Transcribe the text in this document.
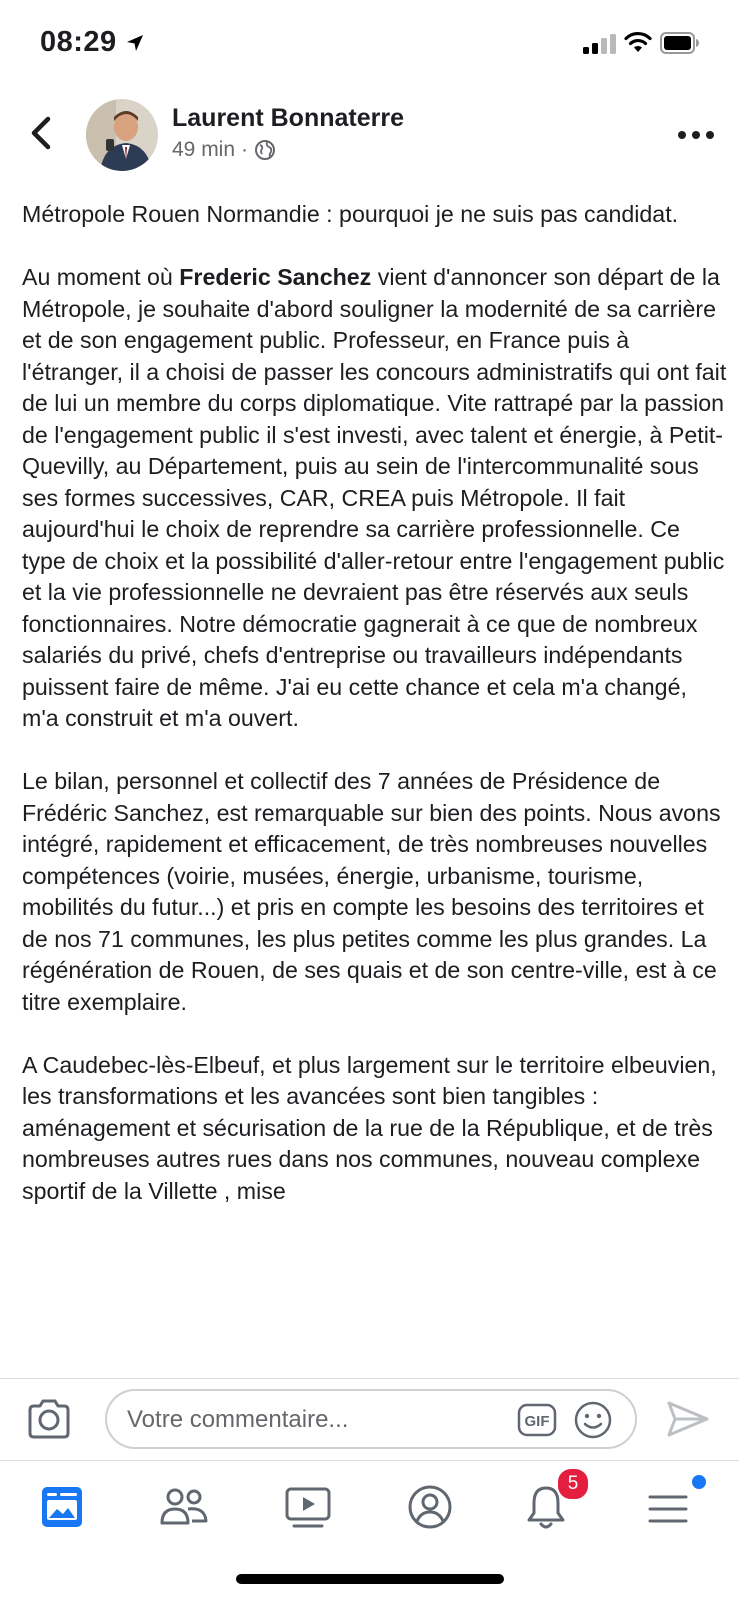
08:29
Laurent Bonnaterre
49 min ·

Métropole Rouen Normandie : pourquoi je ne suis pas candidat.

Au moment où Frederic Sanchez vient d'annoncer son départ de la Métropole, je souhaite d'abord souligner la modernité de sa carrière et de son engagement public. Professeur, en France puis à l'étranger, il a choisi de passer les concours administratifs qui ont fait de lui un membre du corps diplomatique. Vite rattrapé par la passion de l'engagement public il s'est investi, avec talent et énergie, à Petit-Quevilly, au Département, puis au sein de l'intercommunalité sous ses formes successives, CAR, CREA puis Métropole. Il fait aujourd'hui le choix de reprendre sa carrière professionnelle. Ce type de choix et la possibilité d'aller-retour entre l'engagement public et la vie professionnelle ne devraient pas être réservés aux seuls fonctionnaires. Notre démocratie gagnerait à ce que de nombreux salariés du privé, chefs d'entreprise ou travailleurs indépendants puissent faire de même. J'ai eu cette chance et cela m'a changé, m'a construit et m'a ouvert.

Le bilan, personnel et collectif des 7 années de Présidence de Frédéric Sanchez, est remarquable sur bien des points. Nous avons intégré, rapidement et efficacement, de très nombreuses nouvelles compétences (voirie, musées, énergie, urbanisme, tourisme, mobilités du futur...) et pris en compte les besoins des territoires et de nos 71 communes, les plus petites comme les plus grandes. La régénération de Rouen, de ses quais et de son centre-ville, est à ce titre exemplaire.

A Caudebec-lès-Elbeuf, et plus largement sur le territoire elbeuvien, les transformations et les avancées sont bien tangibles : aménagement et sécurisation de la rue de la République, et de très nombreuses autres rues dans nos communes, nouveau complexe sportif de la Villette , mise

Votre commentaire...	GIF
5
